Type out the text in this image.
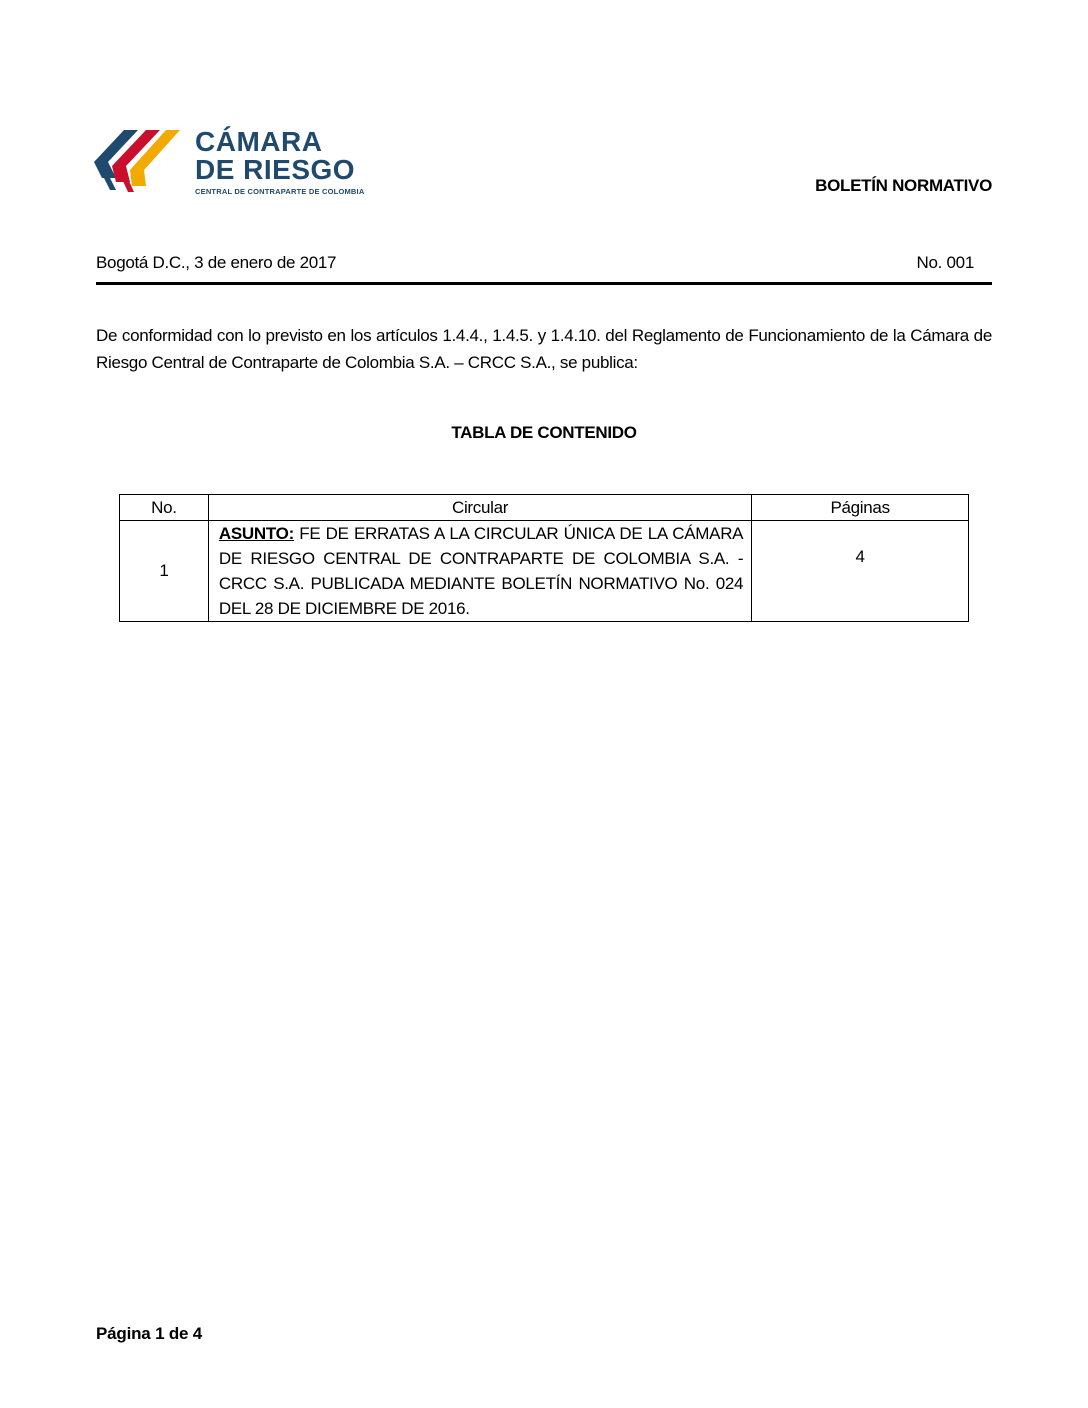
CÁMARA
DE RIESGO
CENTRAL DE CONTRAPARTE DE COLOMBIA	BOLETÍN NORMATIVO
Bogotá D.C., 3 de enero de 2017	No. 001

De conformidad con lo previsto en los artículos 1.4.4., 1.4.5. y 1.4.10. del Reglamento de Funcionamiento de la Cámara de Riesgo Central de Contraparte de Colombia S.A. – CRCC S.A., se publica:

TABLA DE CONTENIDO
No.	Circular	Páginas
1	ASUNTO: FE DE ERRATAS A LA CIRCULAR ÚNICA DE LA CÁMARA DE RIESGO CENTRAL DE CONTRAPARTE DE COLOMBIA S.A. - CRCC S.A. PUBLICADA MEDIANTE BOLETÍN NORMATIVO No. 024 DEL 28 DE DICIEMBRE DE 2016.	4
Página 1 de 4
